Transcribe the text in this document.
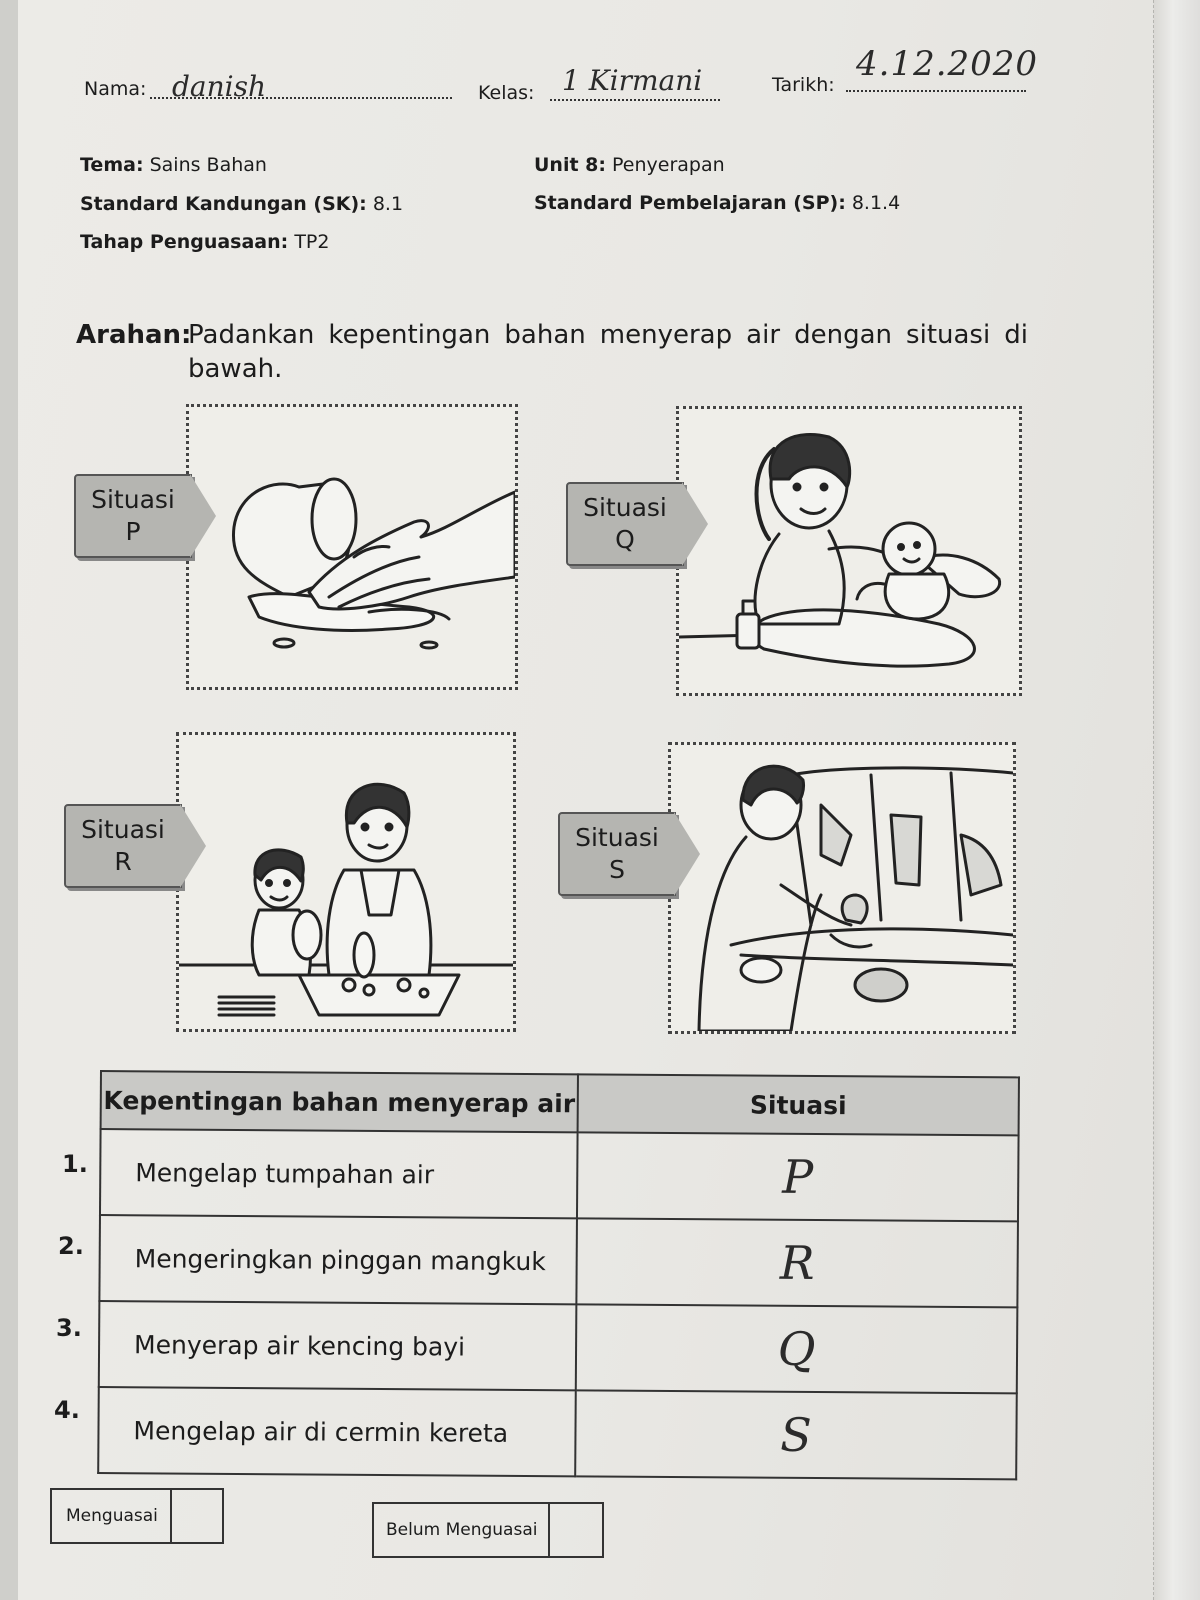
Nama: danish	Kelas: 1 Kirmani	Tarikh:
4.12.2020
Tema: Sains Bahan	Unit 8: Penyerapan
Standard Kandungan (SK): 8.1	Standard Pembelajaran (SP): 8.1.4
Tahap Penguasaan: TP2
Arahan:
Padankan kepentingan bahan menyerap air dengan situasi di bawah.
Situasi
P
Situasi
Q
Situasi
R
Situasi
S
Kepentingan bahan menyerap air	Situasi
Mengelap tumpahan air	P
Mengeringkan pinggan mangkuk	R
Menyerap air kencing bayi	Q
Mengelap air di cermin kereta	S
1.
2.
3.
4.
Menguasai
Belum Menguasai
